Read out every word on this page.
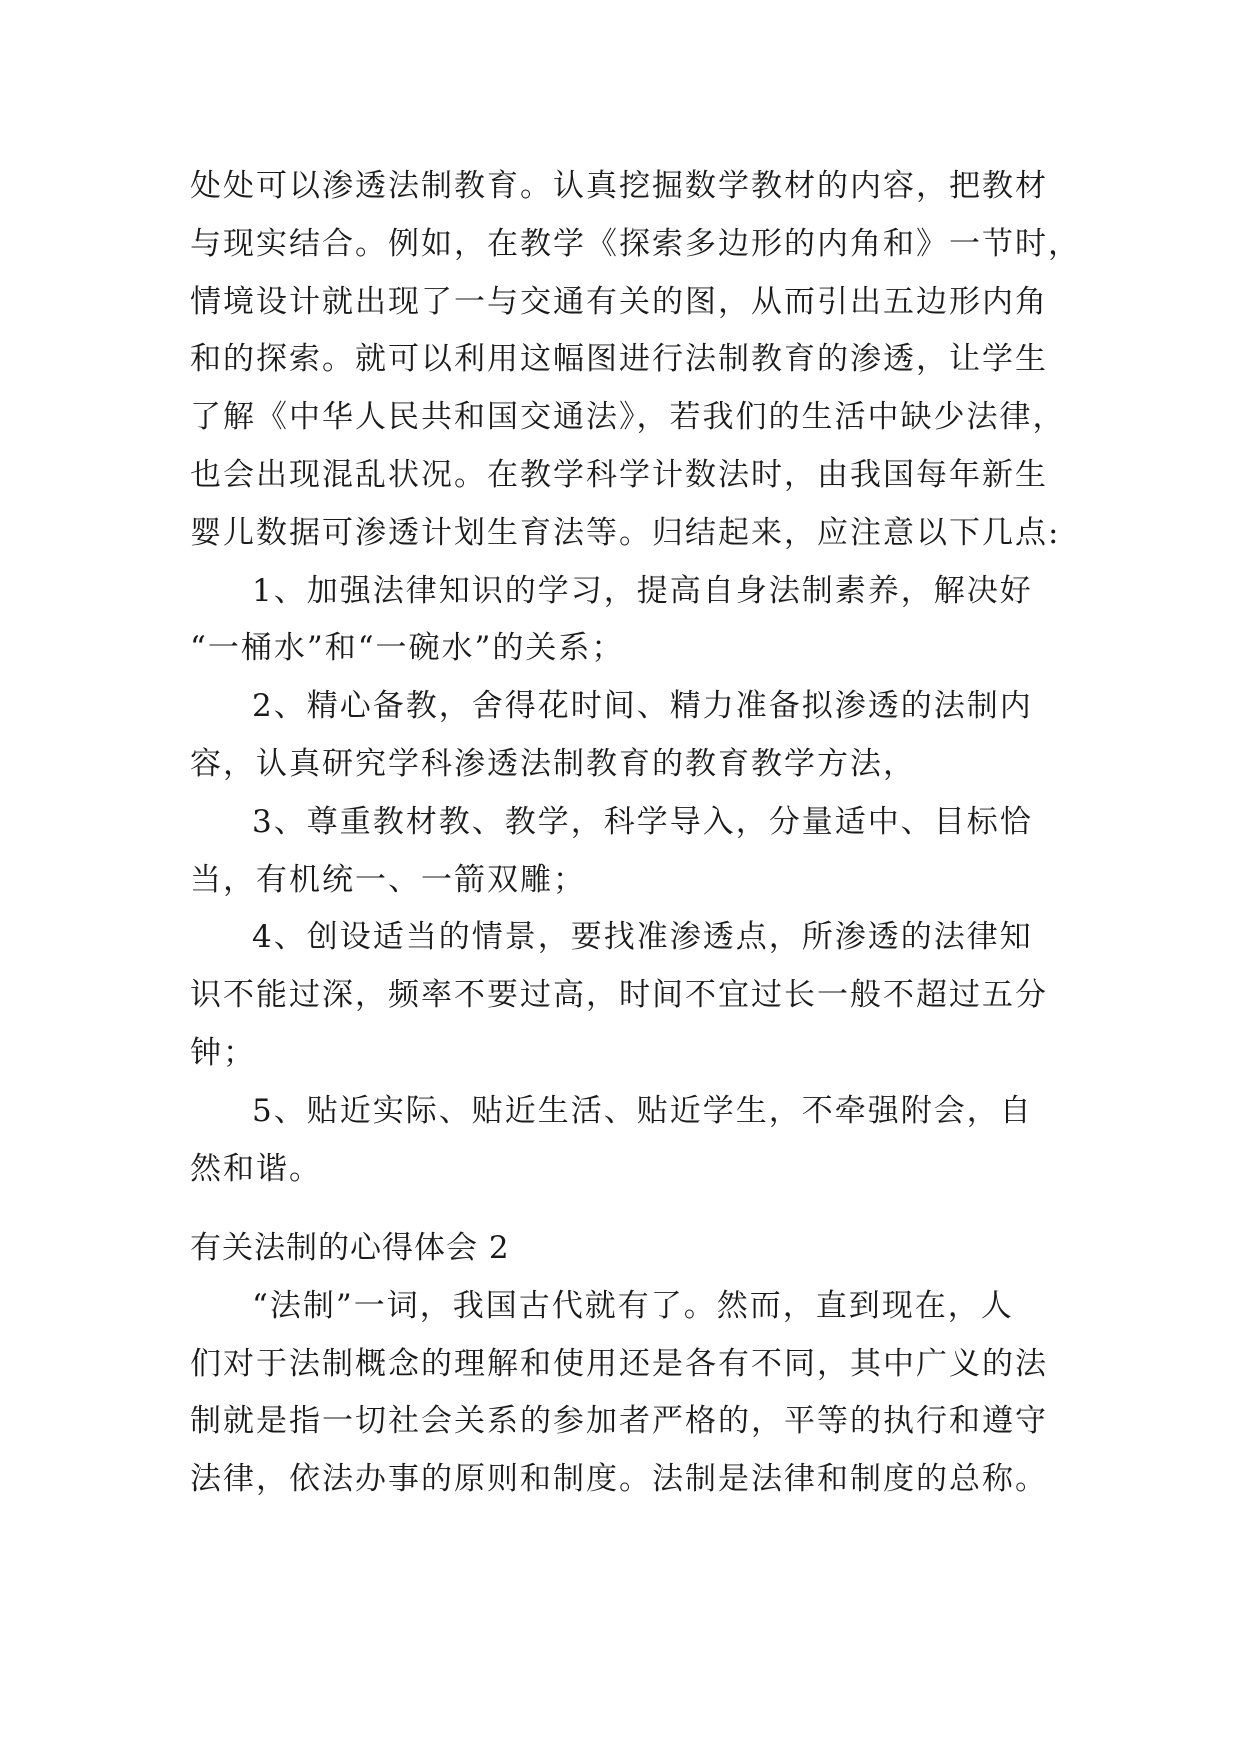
处处可以渗透法制教育。认真挖掘数学教材的内容，把教材
与现实结合。例如，在教学《探索多边形的内角和》一节时，
情境设计就出现了一与交通有关的图，从而引出五边形内角
和的探索。就可以利用这幅图进行法制教育的渗透，让学生
了解《中华人民共和国交通法》，若我们的生活中缺少法律，
也会出现混乱状况。在教学科学计数法时，由我国每年新生
婴儿数据可渗透计划生育法等。归结起来，应注意以下几点:
1、加强法律知识的学习，提高自身法制素养，解决好
“一桶水”和“一碗水”的关系；
2、精心备教，舍得花时间、精力准备拟渗透的法制内
容，认真研究学科渗透法制教育的教育教学方法，
3、尊重教材教、教学，科学导入，分量适中、目标恰
当，有机统一、一箭双雕；
4、创设适当的情景，要找准渗透点，所渗透的法律知
识不能过深，频率不要过高，时间不宜过长一般不超过五分
钟；
5、贴近实际、贴近生活、贴近学生，不牵强附会，自
然和谐。
有关法制的心得体会 2
“法制”一词，我国古代就有了。然而，直到现在，人
们对于法制概念的理解和使用还是各有不同，其中广义的法
制就是指一切社会关系的参加者严格的，平等的执行和遵守
法律，依法办事的原则和制度。法制是法律和制度的总称。
